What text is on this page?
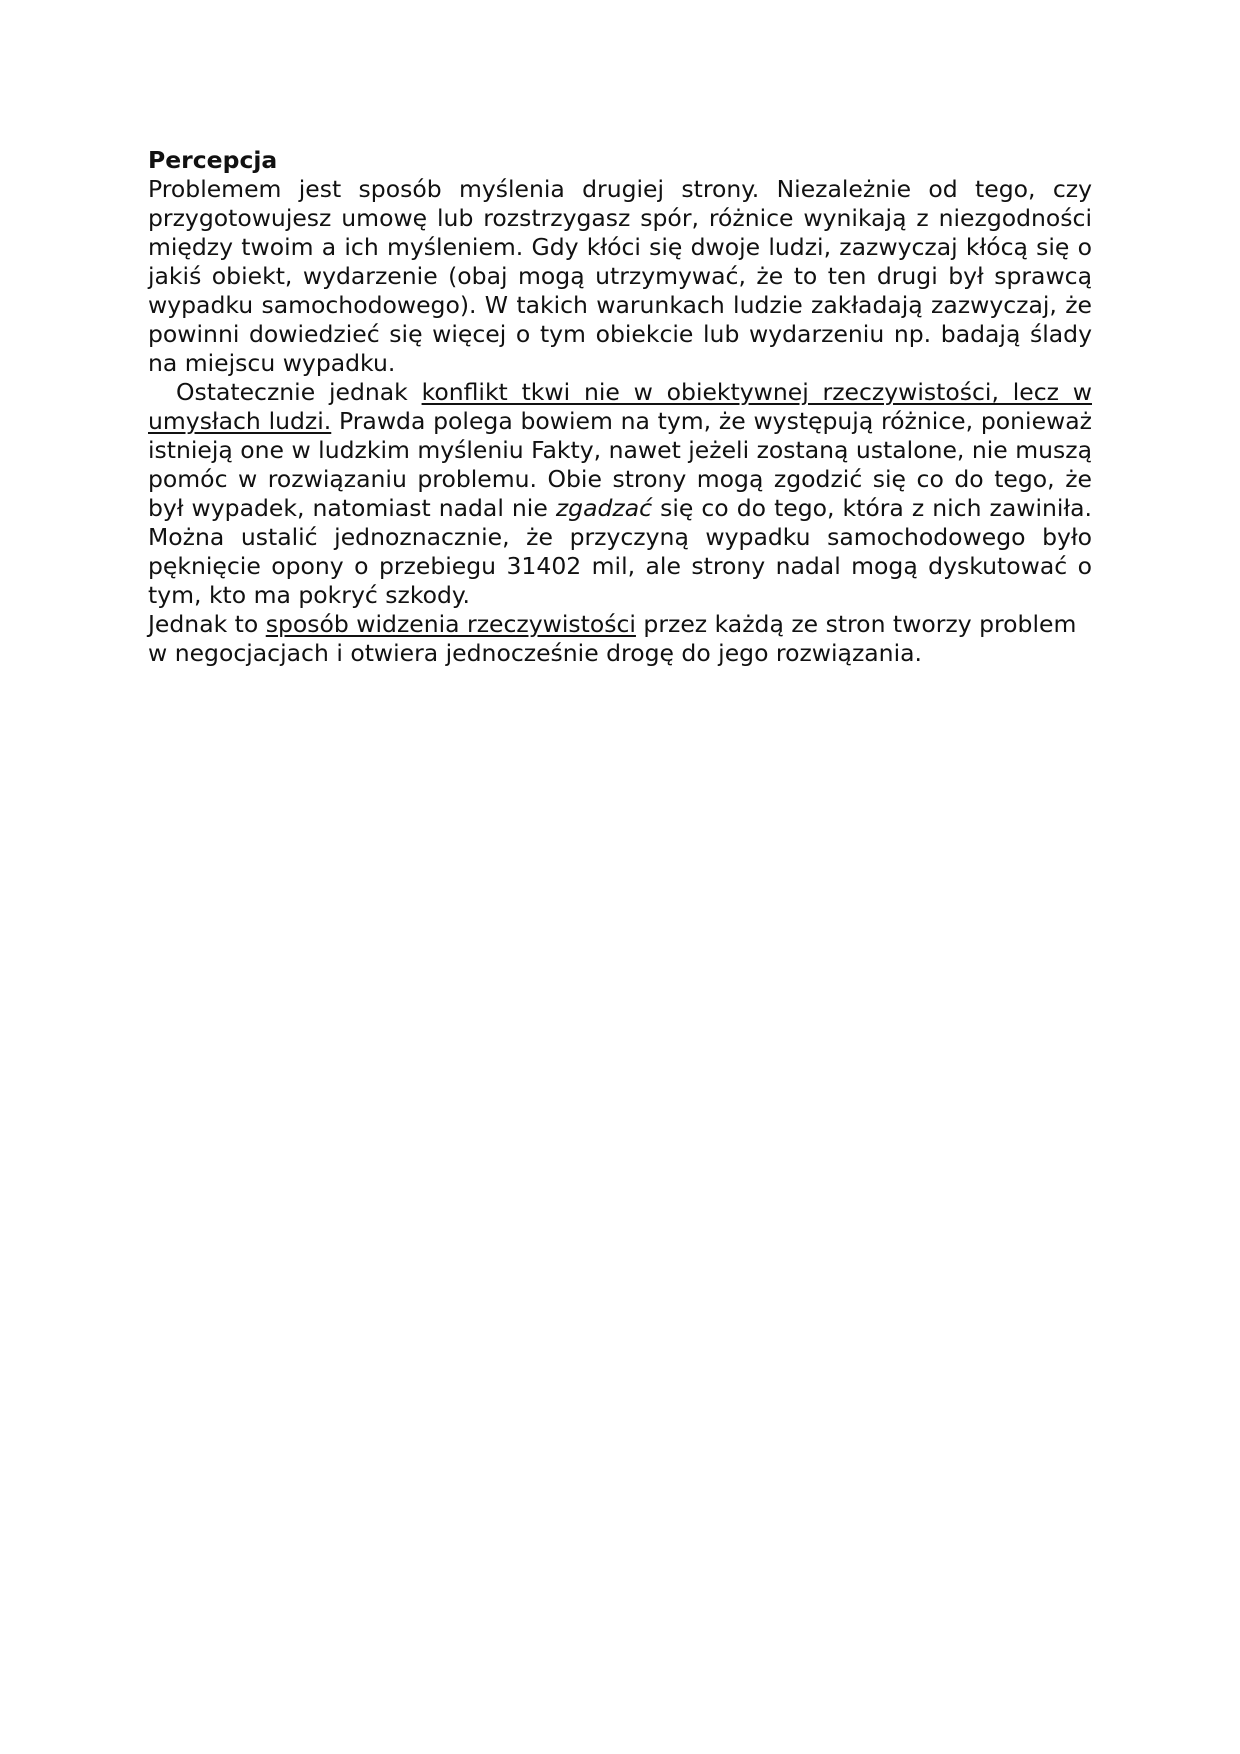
Percepcja

Problemem jest sposób myślenia drugiej strony. Niezależnie od tego, czy przygotowujesz umowę lub rozstrzygasz spór, różnice wynikają z niezgodności między twoim a ich myśleniem. Gdy kłóci się dwoje ludzi, zazwyczaj kłócą się o jakiś obiekt, wydarzenie (obaj mogą utrzymywać, że to ten drugi był sprawcą wypadku samochodowego). W takich warunkach ludzie zakładają zazwyczaj, że powinni dowiedzieć się więcej o tym obiekcie lub wydarzeniu np. badają ślady na miejscu wypadku.

Ostatecznie jednak konflikt tkwi nie w obiektywnej rzeczywistości, lecz w umysłach ludzi. Prawda polega bowiem na tym, że występują różnice, ponieważ istnieją one w ludzkim myśleniu Fakty, nawet jeżeli zostaną ustalone, nie muszą pomóc w rozwiązaniu problemu. Obie strony mogą zgodzić się co do tego, że był wypadek, natomiast nadal nie zgadzać się co do tego, która z nich zawiniła. Można ustalić jednoznacznie, że przyczyną wypadku samochodowego było pęknięcie opony o przebiegu 31402 mil, ale strony nadal mogą dyskutować o tym, kto ma pokryć szkody.

Jednak to sposób widzenia rzeczywistości przez każdą ze stron tworzy problem w negocjacjach i otwiera jednocześnie drogę do jego rozwiązania.
